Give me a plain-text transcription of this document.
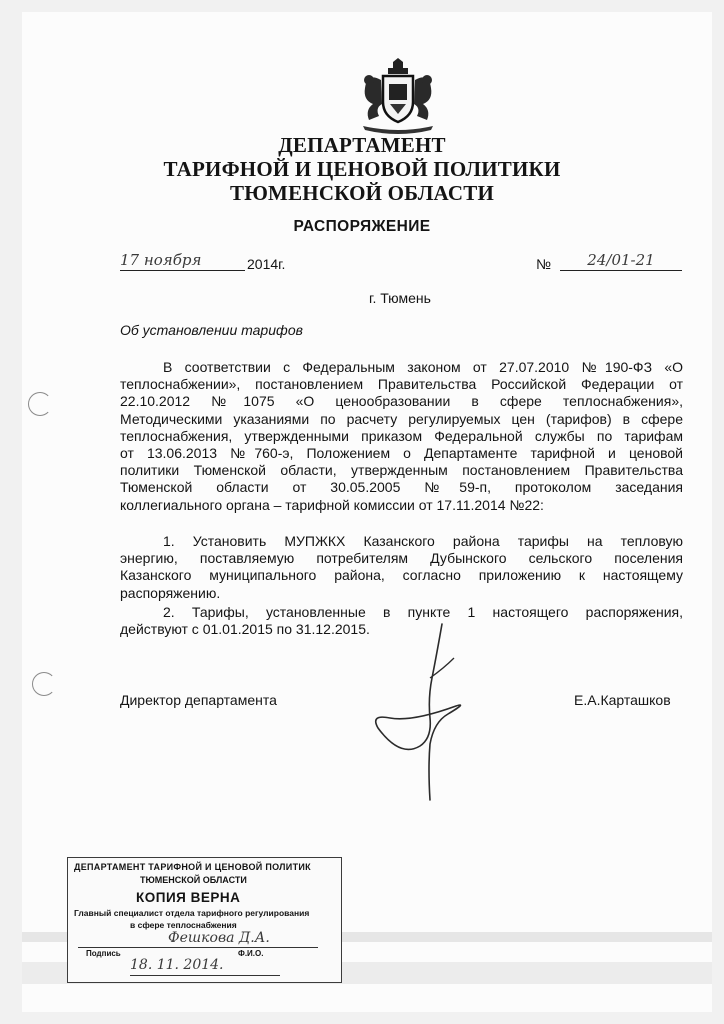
ДЕПАРТАМЕНТ
ТАРИФНОЙ И ЦЕНОВОЙ ПОЛИТИКИ
ТЮМЕНСКОЙ ОБЛАСТИ
РАСПОРЯЖЕНИЕ
17 ноября	2014г.	№	24/01-21
г. Тюмень
Об установлении тарифов
В соответствии с Федеральным законом от 27.07.2010 №190-ФЗ «О
теплоснабжении», постановлением Правительства Российской Федерации от
22.10.2012 №1075 «О ценообразовании в сфере теплоснабжения»,
Методическими указаниями по расчету регулируемых цен (тарифов) в сфере
теплоснабжения, утвержденными приказом Федеральной службы по тарифам
от 13.06.2013 №760-э, Положением о Департаменте тарифной и ценовой
политики Тюменской области, утвержденным постановлением Правительства
Тюменской области от 30.05.2005 №59-п, протоколом заседания
коллегиального органа – тарифной комиссии от 17.11.2014 №22:
1. Установить МУПЖКХ Казанского района тарифы на тепловую
энергию, поставляемую потребителям Дубынского сельского поселения
Казанского муниципального района, согласно приложению к настоящему
распоряжению.
2. Тарифы, установленные в пункте 1 настоящего распоряжения,
действуют с 01.01.2015 по 31.12.2015.
Директор департамента	Е.А.Карташков
ДЕПАРТАМЕНТ ТАРИФНОЙ И ЦЕНОВОЙ ПОЛИТИК
ТЮМЕНСКОЙ ОБЛАСТИ
КОПИЯ ВЕРНА
Главный специалист отдела тарифного регулирования
в сфере теплоснабжения
Фешкова Д.А.
Подпись	Ф.И.О.
18. 11. 2014.
